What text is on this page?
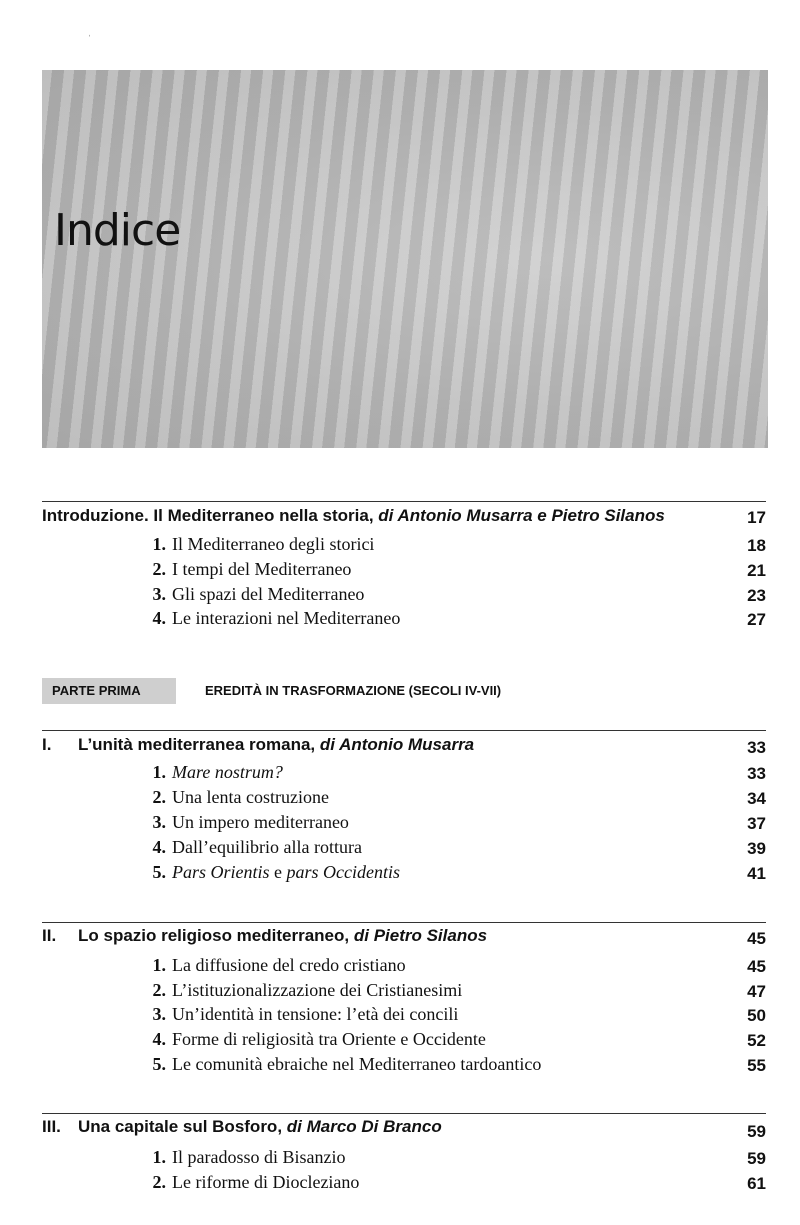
ˌ
Indice
Introduzione. Il Mediterraneo nella storia, di Antonio Musarra e Pietro Silanos	17
1. Il Mediterraneo degli storici	18
2. I tempi del Mediterraneo	21
3. Gli spazi del Mediterraneo	23
4. Le interazioni nel Mediterraneo	27
PARTE PRIMA	EREDITÀ IN TRASFORMAZIONE (SECOLI IV-VII)
I. L’unità mediterranea romana, di Antonio Musarra	33
1. Mare nostrum?	33
2. Una lenta costruzione	34
3. Un impero mediterraneo	37
4. Dall’equilibrio alla rottura	39
5. Pars Orientis e pars Occidentis	41
II. Lo spazio religioso mediterraneo, di Pietro Silanos	45
1. La diffusione del credo cristiano	45
2. L’istituzionalizzazione dei Cristianesimi	47
3. Un’identità in tensione: l’età dei concili	50
4. Forme di religiosità tra Oriente e Occidente	52
5. Le comunità ebraiche nel Mediterraneo tardoantico	55
III. Una capitale sul Bosforo, di Marco Di Branco	59
1. Il paradosso di Bisanzio	59
2. Le riforme di Diocleziano	61
